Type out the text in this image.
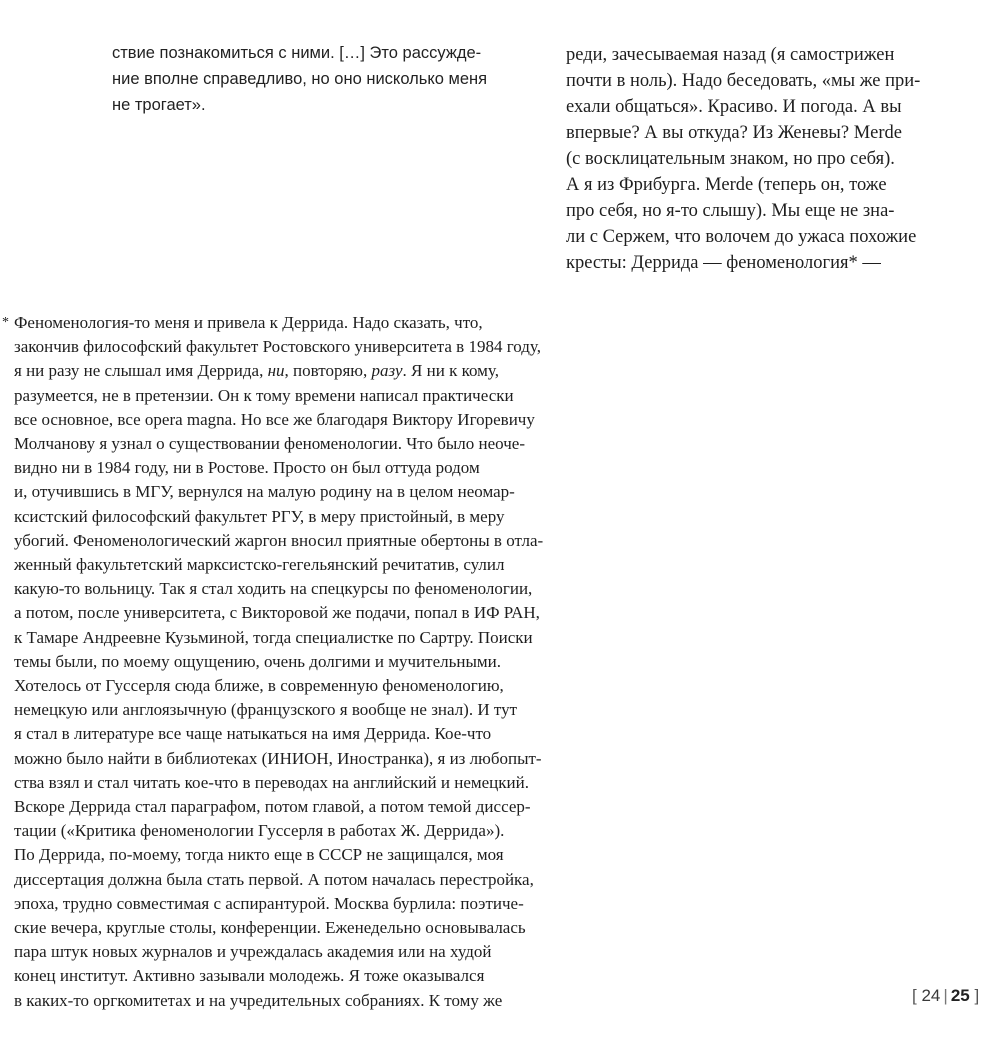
ствие познакомиться с ними. […] Это рассужде-
ние вполне справедливо, но оно нисколько меня
не трогает».
реди, зачесываемая назад (я самострижен
почти в ноль). Надо беседовать, «мы же при-
ехали общаться». Красиво. И погода. А вы
впервые? А вы откуда? Из Женевы? Merde
(с восклицательным знаком, но про себя).
А я из Фрибурга. Merde (теперь он, тоже
про себя, но я-то слышу). Мы еще не зна-
ли с Сержем, что волочем до ужаса похожие
кресты: Деррида — феноменология* —
* Феноменология-то меня и привела к Деррида. Надо сказать, что,
закончив философский факультет Ростовского университета в 1984 году,
я ни разу не слышал имя Деррида, ни, повторяю, разу. Я ни к кому,
разумеется, не в претензии. Он к тому времени написал практически
все основное, все opera magna. Но все же благодаря Виктору Игоревичу
Молчанову я узнал о существовании феноменологии. Что было неоче-
видно ни в 1984 году, ни в Ростове. Просто он был оттуда родом
и, отучившись в МГУ, вернулся на малую родину на в целом неомар-
ксистский философский факультет РГУ, в меру пристойный, в меру
убогий. Феноменологический жаргон вносил приятные обертоны в отла-
женный факультетский марксистско-гегельянский речитатив, сулил
какую-то вольницу. Так я стал ходить на спецкурсы по феноменологии,
а потом, после университета, с Викторовой же подачи, попал в ИФ РАН,
к Тамаре Андреевне Кузьминой, тогда специалистке по Сартру. Поиски
темы были, по моему ощущению, очень долгими и мучительными.
Хотелось от Гуссерля сюда ближе, в современную феноменологию,
немецкую или англоязычную (французского я вообще не знал). И тут
я стал в литературе все чаще натыкаться на имя Деррида. Кое-что
можно было найти в библиотеках (ИНИОН, Иностранка), я из любопыт-
ства взял и стал читать кое-что в переводах на английский и немецкий.
Вскоре Деррида стал параграфом, потом главой, а потом темой диссер-
тации («Критика феноменологии Гуссерля в работах Ж. Деррида»).
По Деррида, по-моему, тогда никто еще в СССР не защищался, моя
диссертация должна была стать первой. А потом началась перестройка,
эпоха, трудно совместимая с аспирантурой. Москва бурлила: поэтиче-
ские вечера, круглые столы, конференции. Еженедельно основывалась
пара штук новых журналов и учреждалась академия или на худой
конец институт. Активно зазывали молодежь. Я тоже оказывался
в каких-то оргкомитетах и на учредительных собраниях. К тому же	[ 24 | 25 ]
